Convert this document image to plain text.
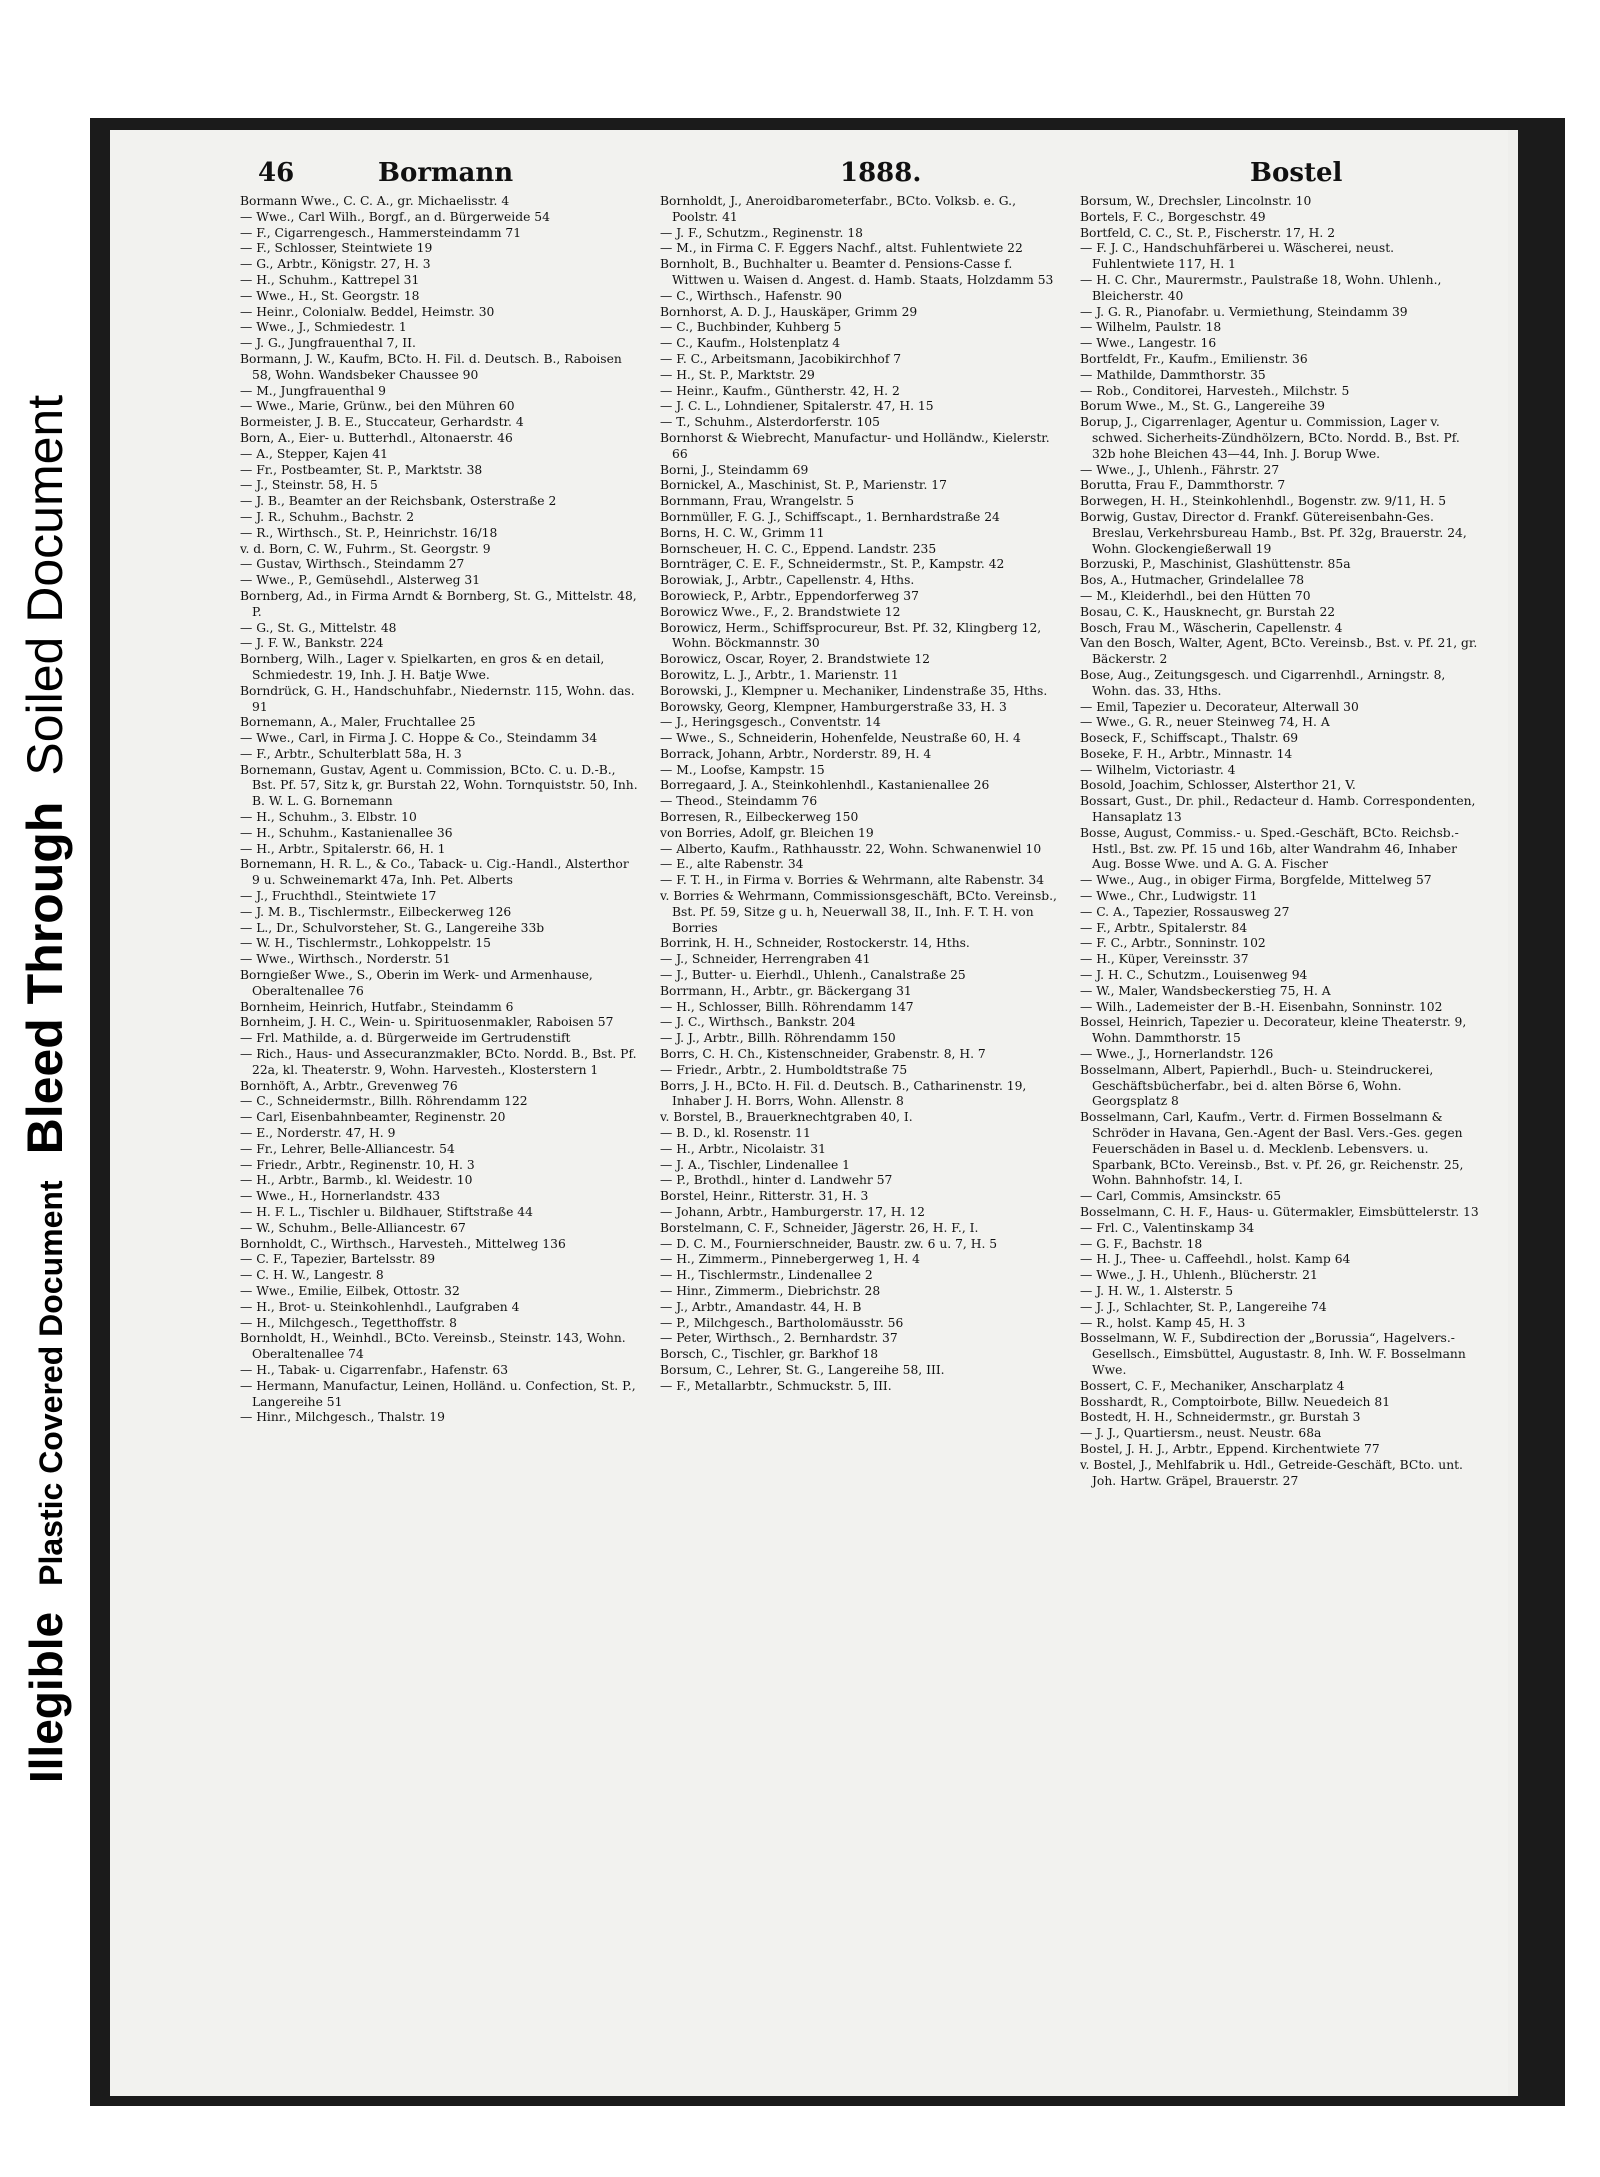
Illegible
Plastic Covered Document
Bleed Through
Soiled Document
46	Bormann	1888.	Bostel
Bormann Wwe., C. C. A., gr. Michaelisstr. 4
— Wwe., Carl Wilh., Borgf., an d. Bürgerweide 54
— F., Cigarrengesch., Hammersteindamm 71
— F., Schlosser, Steintwiete 19
— G., Arbtr., Königstr. 27, H. 3
— H., Schuhm., Kattrepel 31
— Wwe., H., St. Georgstr. 18
— Heinr., Colonialw. Beddel, Heimstr. 30
— Wwe., J., Schmiedestr. 1
— J. G., Jungfrauenthal 7, II.
Bormann, J. W., Kaufm, BCto. H. Fil. d. Deutsch. B., Raboisen 58, Wohn. Wandsbeker Chaussee 90
— M., Jungfrauenthal 9
— Wwe., Marie, Grünw., bei den Mühren 60
Bormeister, J. B. E., Stuccateur, Gerhardstr. 4
Born, A., Eier- u. Butterhdl., Altonaerstr. 46
— A., Stepper, Kajen 41
— Fr., Postbeamter, St. P., Marktstr. 38
— J., Steinstr. 58, H. 5
— J. B., Beamter an der Reichsbank, Osterstraße 2
— J. R., Schuhm., Bachstr. 2
— R., Wirthsch., St. P., Heinrichstr. 16/18
v. d. Born, C. W., Fuhrm., St. Georgstr. 9
— Gustav, Wirthsch., Steindamm 27
— Wwe., P., Gemüsehdl., Alsterweg 31
Bornberg, Ad., in Firma Arndt & Bornberg, St. G., Mittelstr. 48, P.
— G., St. G., Mittelstr. 48
— J. F. W., Bankstr. 224
Bornberg, Wilh., Lager v. Spielkarten, en gros & en detail, Schmiedestr. 19, Inh. J. H. Batje Wwe.
Borndrück, G. H., Handschuhfabr., Niedernstr. 115, Wohn. das. 91
Bornemann, A., Maler, Fruchtallee 25
— Wwe., Carl, in Firma J. C. Hoppe & Co., Steindamm 34
— F., Arbtr., Schulterblatt 58a, H. 3
Bornemann, Gustav, Agent u. Commission, BCto. C. u. D.-B., Bst. Pf. 57, Sitz k, gr. Burstah 22, Wohn. Tornquiststr. 50, Inh. B. W. L. G. Bornemann
— H., Schuhm., 3. Elbstr. 10
— H., Schuhm., Kastanienallee 36
— H., Arbtr., Spitalerstr. 66, H. 1
Bornemann, H. R. L., & Co., Taback- u. Cig.-Handl., Alsterthor 9 u. Schweinemarkt 47a, Inh. Pet. Alberts
— J., Fruchthdl., Steintwiete 17
— J. M. B., Tischlermstr., Eilbeckerweg 126
— L., Dr., Schulvorsteher, St. G., Langereihe 33b
— W. H., Tischlermstr., Lohkoppelstr. 15
— Wwe., Wirthsch., Norderstr. 51
Borngießer Wwe., S., Oberin im Werk- und Armenhause, Oberaltenallee 76
Bornheim, Heinrich, Hutfabr., Steindamm 6
Bornheim, J. H. C., Wein- u. Spirituosenmakler, Raboisen 57
— Frl. Mathilde, a. d. Bürgerweide im Gertrudenstift
— Rich., Haus- und Assecuranzmakler, BCto. Nordd. B., Bst. Pf. 22a, kl. Theaterstr. 9, Wohn. Harvesteh., Klosterstern 1
Bornhöft, A., Arbtr., Grevenweg 76
— C., Schneidermstr., Billh. Röhrendamm 122
— Carl, Eisenbahnbeamter, Reginenstr. 20
— E., Norderstr. 47, H. 9
— Fr., Lehrer, Belle-Alliancestr. 54
— Friedr., Arbtr., Reginenstr. 10, H. 3
— H., Arbtr., Barmb., kl. Weidestr. 10
— Wwe., H., Hornerlandstr. 433
— H. F. L., Tischler u. Bildhauer, Stiftstraße 44
— W., Schuhm., Belle-Alliancestr. 67
Bornholdt, C., Wirthsch., Harvesteh., Mittelweg 136
— C. F., Tapezier, Bartelsstr. 89
— C. H. W., Langestr. 8
— Wwe., Emilie, Eilbek, Ottostr. 32
— H., Brot- u. Steinkohlenhdl., Laufgraben 4
— H., Milchgesch., Tegetthoffstr. 8
Bornholdt, H., Weinhdl., BCto. Vereinsb., Steinstr. 143, Wohn. Oberaltenallee 74
— H., Tabak- u. Cigarrenfabr., Hafenstr. 63
— Hermann, Manufactur, Leinen, Holländ. u. Confection, St. P., Langereihe 51
— Hinr., Milchgesch., Thalstr. 19
Bornholdt, J., Aneroidbarometerfabr., BCto. Volksb. e. G., Poolstr. 41
— J. F., Schutzm., Reginenstr. 18
— M., in Firma C. F. Eggers Nachf., altst. Fuhlentwiete 22
Bornholt, B., Buchhalter u. Beamter d. Pensions-Casse f. Wittwen u. Waisen d. Angest. d. Hamb. Staats, Holzdamm 53
— C., Wirthsch., Hafenstr. 90
Bornhorst, A. D. J., Hauskäper, Grimm 29
— C., Buchbinder, Kuhberg 5
— C., Kaufm., Holstenplatz 4
— F. C., Arbeitsmann, Jacobikirchhof 7
— H., St. P., Marktstr. 29
— Heinr., Kaufm., Güntherstr. 42, H. 2
— J. C. L., Lohndiener, Spitalerstr. 47, H. 15
— T., Schuhm., Alsterdorferstr. 105
Bornhorst & Wiebrecht, Manufactur- und Holländw., Kielerstr. 66
Borni, J., Steindamm 69
Bornickel, A., Maschinist, St. P., Marienstr. 17
Bornmann, Frau, Wrangelstr. 5
Bornmüller, F. G. J., Schiffscapt., 1. Bernhardstraße 24
Borns, H. C. W., Grimm 11
Bornscheuer, H. C. C., Eppend. Landstr. 235
Bornträger, C. E. F., Schneidermstr., St. P., Kampstr. 42
Borowiak, J., Arbtr., Capellenstr. 4, Hths.
Borowieck, P., Arbtr., Eppendorferweg 37
Borowicz Wwe., F., 2. Brandstwiete 12
Borowicz, Herm., Schiffsprocureur, Bst. Pf. 32, Klingberg 12, Wohn. Böckmannstr. 30
Borowicz, Oscar, Royer, 2. Brandstwiete 12
Borowitz, L. J., Arbtr., 1. Marienstr. 11
Borowski, J., Klempner u. Mechaniker, Lindenstraße 35, Hths.
Borowsky, Georg, Klempner, Hamburgerstraße 33, H. 3
— J., Heringsgesch., Conventstr. 14
— Wwe., S., Schneiderin, Hohenfelde, Neustraße 60, H. 4
Borrack, Johann, Arbtr., Norderstr. 89, H. 4
— M., Loofse, Kampstr. 15
Borregaard, J. A., Steinkohlenhdl., Kastanienallee 26
— Theod., Steindamm 76
Borresen, R., Eilbeckerweg 150
von Borries, Adolf, gr. Bleichen 19
— Alberto, Kaufm., Rathhausstr. 22, Wohn. Schwanenwiel 10
— E., alte Rabenstr. 34
— F. T. H., in Firma v. Borries & Wehrmann, alte Rabenstr. 34
v. Borries & Wehrmann, Commissionsgeschäft, BCto. Vereinsb., Bst. Pf. 59, Sitze g u. h, Neuerwall 38, II., Inh. F. T. H. von Borries
Borrink, H. H., Schneider, Rostockerstr. 14, Hths.
— J., Schneider, Herrengraben 41
— J., Butter- u. Eierhdl., Uhlenh., Canalstraße 25
Borrmann, H., Arbtr., gr. Bäckergang 31
— H., Schlosser, Billh. Röhrendamm 147
— J. C., Wirthsch., Bankstr. 204
— J. J., Arbtr., Billh. Röhrendamm 150
Borrs, C. H. Ch., Kistenschneider, Grabenstr. 8, H. 7
— Friedr., Arbtr., 2. Humboldtstraße 75
Borrs, J. H., BCto. H. Fil. d. Deutsch. B., Catharinenstr. 19, Inhaber J. H. Borrs, Wohn. Allenstr. 8
v. Borstel, B., Brauerknechtgraben 40, I.
— B. D., kl. Rosenstr. 11
— H., Arbtr., Nicolaistr. 31
— J. A., Tischler, Lindenallee 1
— P., Brothdl., hinter d. Landwehr 57
Borstel, Heinr., Ritterstr. 31, H. 3
— Johann, Arbtr., Hamburgerstr. 17, H. 12
Borstelmann, C. F., Schneider, Jägerstr. 26, H. F., I.
— D. C. M., Fournierschneider, Baustr. zw. 6 u. 7, H. 5
— H., Zimmerm., Pinnebergerweg 1, H. 4
— H., Tischlermstr., Lindenallee 2
— Hinr., Zimmerm., Diebrichstr. 28
— J., Arbtr., Amandastr. 44, H. B
— P., Milchgesch., Bartholomäusstr. 56
— Peter, Wirthsch., 2. Bernhardstr. 37
Borsch, C., Tischler, gr. Barkhof 18
Borsum, C., Lehrer, St. G., Langereihe 58, III.
— F., Metallarbtr., Schmuckstr. 5, III.
Borsum, W., Drechsler, Lincolnstr. 10
Bortels, F. C., Borgeschstr. 49
Bortfeld, C. C., St. P., Fischerstr. 17, H. 2
— F. J. C., Handschuhfärberei u. Wäscherei, neust. Fuhlentwiete 117, H. 1
— H. C. Chr., Maurermstr., Paulstraße 18, Wohn. Uhlenh., Bleicherstr. 40
— J. G. R., Pianofabr. u. Vermiethung, Steindamm 39
— Wilhelm, Paulstr. 18
— Wwe., Langestr. 16
Bortfeldt, Fr., Kaufm., Emilienstr. 36
— Mathilde, Dammthorstr. 35
— Rob., Conditorei, Harvesteh., Milchstr. 5
Borum Wwe., M., St. G., Langereihe 39
Borup, J., Cigarrenlager, Agentur u. Commission, Lager v. schwed. Sicherheits-Zündhölzern, BCto. Nordd. B., Bst. Pf. 32b hohe Bleichen 43—44, Inh. J. Borup Wwe.
— Wwe., J., Uhlenh., Fährstr. 27
Borutta, Frau F., Dammthorstr. 7
Borwegen, H. H., Steinkohlenhdl., Bogenstr. zw. 9/11, H. 5
Borwig, Gustav, Director d. Frankf. Gütereisenbahn-Ges. Breslau, Verkehrsbureau Hamb., Bst. Pf. 32g, Brauerstr. 24, Wohn. Glockengießerwall 19
Borzuski, P., Maschinist, Glashüttenstr. 85a
Bos, A., Hutmacher, Grindelallee 78
— M., Kleiderhdl., bei den Hütten 70
Bosau, C. K., Hausknecht, gr. Burstah 22
Bosch, Frau M., Wäscherin, Capellenstr. 4
Van den Bosch, Walter, Agent, BCto. Vereinsb., Bst. v. Pf. 21, gr. Bäckerstr. 2
Bose, Aug., Zeitungsgesch. und Cigarrenhdl., Arningstr. 8, Wohn. das. 33, Hths.
— Emil, Tapezier u. Decorateur, Alterwall 30
— Wwe., G. R., neuer Steinweg 74, H. A
Boseck, F., Schiffscapt., Thalstr. 69
Boseke, F. H., Arbtr., Minnastr. 14
— Wilhelm, Victoriastr. 4
Bosold, Joachim, Schlosser, Alsterthor 21, V.
Bossart, Gust., Dr. phil., Redacteur d. Hamb. Correspondenten, Hansaplatz 13
Bosse, August, Commiss.- u. Sped.-Geschäft, BCto. Reichsb.-Hstl., Bst. zw. Pf. 15 und 16b, alter Wandrahm 46, Inhaber Aug. Bosse Wwe. und A. G. A. Fischer
— Wwe., Aug., in obiger Firma, Borgfelde, Mittelweg 57
— Wwe., Chr., Ludwigstr. 11
— C. A., Tapezier, Rossausweg 27
— F., Arbtr., Spitalerstr. 84
— F. C., Arbtr., Sonninstr. 102
— H., Küper, Vereinsstr. 37
— J. H. C., Schutzm., Louisenweg 94
— W., Maler, Wandsbeckerstieg 75, H. A
— Wilh., Lademeister der B.-H. Eisenbahn, Sonninstr. 102
Bossel, Heinrich, Tapezier u. Decorateur, kleine Theaterstr. 9, Wohn. Dammthorstr. 15
— Wwe., J., Hornerlandstr. 126
Bosselmann, Albert, Papierhdl., Buch- u. Steindruckerei, Geschäftsbücherfabr., bei d. alten Börse 6, Wohn. Georgsplatz 8
Bosselmann, Carl, Kaufm., Vertr. d. Firmen Bosselmann & Schröder in Havana, Gen.-Agent der Basl. Vers.-Ges. gegen Feuerschäden in Basel u. d. Mecklenb. Lebensvers. u. Sparbank, BCto. Vereinsb., Bst. v. Pf. 26, gr. Reichenstr. 25, Wohn. Bahnhofstr. 14, I.
— Carl, Commis, Amsinckstr. 65
Bosselmann, C. H. F., Haus- u. Gütermakler, Eimsbüttelerstr. 13
— Frl. C., Valentinskamp 34
— G. F., Bachstr. 18
— H. J., Thee- u. Caffeehdl., holst. Kamp 64
— Wwe., J. H., Uhlenh., Blücherstr. 21
— J. H. W., 1. Alsterstr. 5
— J. J., Schlachter, St. P., Langereihe 74
— R., holst. Kamp 45, H. 3
Bosselmann, W. F., Subdirection der „Borussia“, Hagelvers.-Gesellsch., Eimsbüttel, Augustastr. 8, Inh. W. F. Bosselmann Wwe.
Bossert, C. F., Mechaniker, Anscharplatz 4
Bosshardt, R., Comptoirbote, Billw. Neuedeich 81
Bostedt, H. H., Schneidermstr., gr. Burstah 3
— J. J., Quartiersm., neust. Neustr. 68a
Bostel, J. H. J., Arbtr., Eppend. Kirchentwiete 77
v. Bostel, J., Mehlfabrik u. Hdl., Getreide-Geschäft, BCto. unt. Joh. Hartw. Gräpel, Brauerstr. 27
